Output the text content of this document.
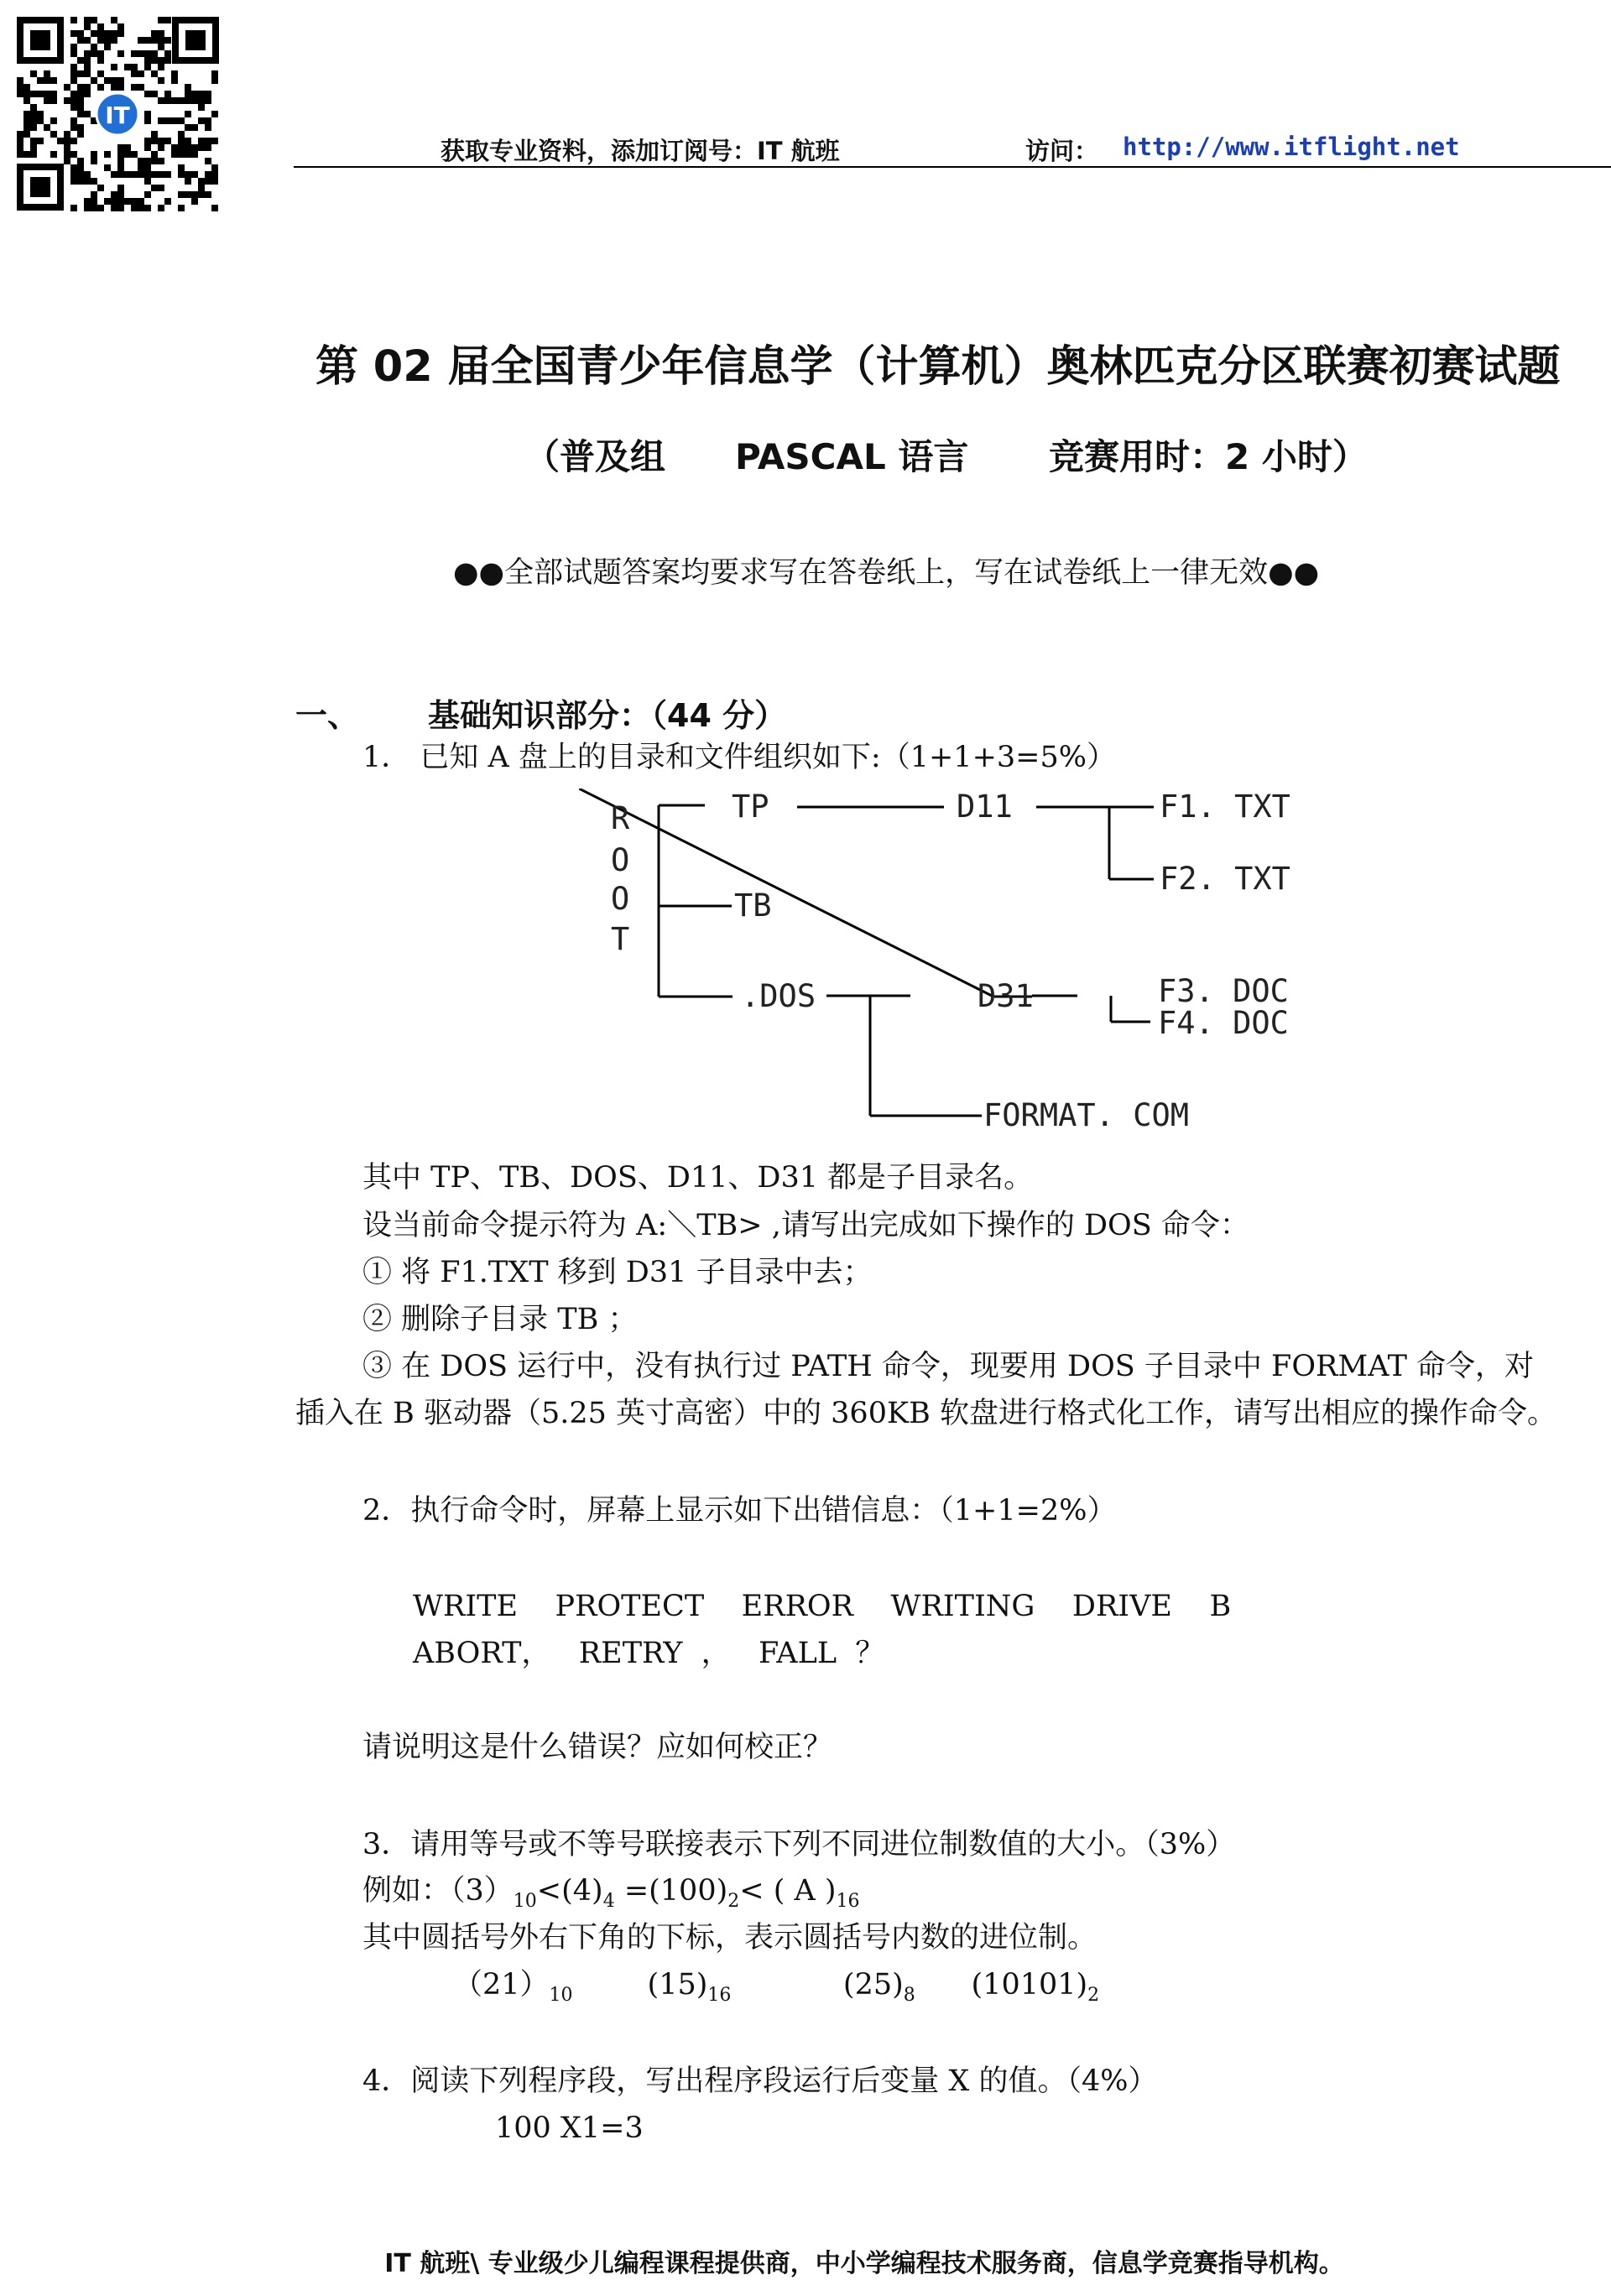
IT
获取专业资料，添加订阅号：IT 航班	访问： http://www.itflight.net
第 02 届全国青少年信息学（计算机）奥林匹克分区联赛初赛试题
（普及组 PASCAL 语言 竞赛用时：2 小时）
●●全部试题答案均要求写在答卷纸上，写在试卷纸上一律无效●●
一、 基础知识部分：（44 分）
1． 已知 A 盘上的目录和文件组织如下:（1+1+3=5%）
R
O
O
T
TP	D11	F1. TXT
F2. TXT
TB
.DOS	D31	F3. DOC
F4. DOC
FORMAT. COM
其中 TP、TB、DOS、D11、D31 都是子目录名。
设当前命令提示符为 A:＼TB> ,请写出完成如下操作的 DOS 命令：
① 将 F1.TXT 移到 D31 子目录中去；
② 删除子目录 TB ；
③ 在 DOS 运行中，没有执行过 PATH 命令，现要用 DOS 子目录中 FORMAT 命令，对
插入在 B 驱动器（5.25 英寸高密）中的 360KB 软盘进行格式化工作，请写出相应的操作命令。
2．执行命令时，屏幕上显示如下出错信息：（1+1=2%）
WRITE    PROTECT    ERROR    WRITING    DRIVE    B
ABORT，   RETRY  ，   FALL  ？
请说明这是什么错误？应如何校正？
3．请用等号或不等号联接表示下列不同进位制数值的大小。（3%）
例如：$(3)_{10}<(4)_4 =(100)_2<$ ( A )$_{16}$
其中圆括号外右下角的下标，表示圆括号内数的进位制。
$(21)_{10}$        $(15)_{16}$            $(25)_8$      $(10101)_2$
4．阅读下列程序段，写出程序段运行后变量 X 的值。（4%）
100 X1=3
IT 航班\ 专业级少儿编程课程提供商，中小学编程技术服务商，信息学竞赛指导机构。
